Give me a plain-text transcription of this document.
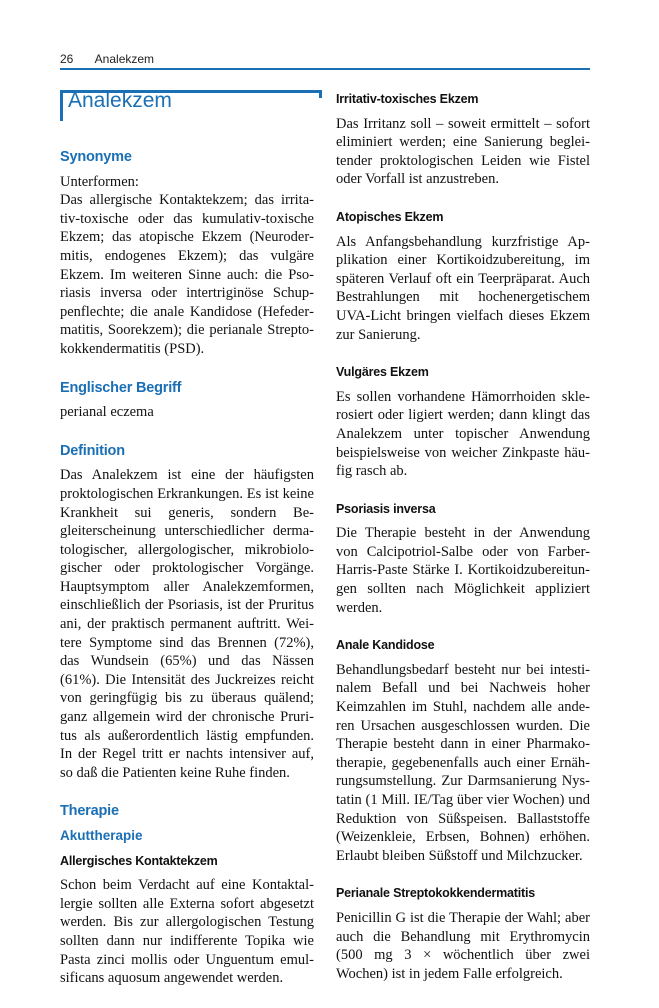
26 Analekzem
Analekzem
Synonyme

Unterformen:

Das allergische Kontaktekzem; das irritativ-toxische oder das kumulativ-toxische Ekzem; das atopische Ekzem (Neurodermitis, endogenes Ekzem); das vulgäre Ekzem. Im weiteren Sinne auch: die Psoriasis inversa oder intertriginöse Schuppenflechte; die anale Kandidose (Hefedermatitis, Soorekzem); die perianale Streptokokkendermatitis (PSD).

Englischer Begriff

perianal eczema

Definition

Das Analekzem ist eine der häufigsten proktologischen Erkrankungen. Es ist keine Krankheit sui generis, sondern Begleiterscheinung unterschiedlicher dermatologischer, allergologischer, mikrobiologischer oder proktologischer Vorgänge. Hauptsymptom aller Analekzemformen, einschließlich der Psoriasis, ist der Pruritus ani, der praktisch permanent auftritt. Weitere Symptome sind das Brennen (72%), das Wundsein (65%) und das Nässen (61%). Die Intensität des Juckreizes reicht von geringfügig bis zu überaus quälend; ganz allgemein wird der chronische Pruritus als außerordentlich lästig empfunden. In der Regel tritt er nachts intensiver auf, so daß die Patienten keine Ruhe finden.

Therapie
Akuttherapie
Allergisches Kontaktekzem

Schon beim Verdacht auf eine Kontaktallergie sollten alle Externa sofort abgesetzt werden. Bis zur allergologischen Testung sollten dann nur indifferente Topika wie Pasta zinci mollis oder Unguentum emulsificans aquosum angewendet werden.

Irritativ-toxisches Ekzem

Das Irritanz soll – soweit ermittelt – sofort eliminiert werden; eine Sanierung begleitender proktologischen Leiden wie Fistel oder Vorfall ist anzustreben.

Atopisches Ekzem

Als Anfangsbehandlung kurzfristige Applikation einer Kortikoidzubereitung, im späteren Verlauf oft ein Teerpräparat. Auch Bestrahlungen mit hochenergetischem UVA-Licht bringen vielfach dieses Ekzem zur Sanierung.

Vulgäres Ekzem

Es sollen vorhandene Hämorrhoiden sklerosiert oder ligiert werden; dann klingt das Analekzem unter topischer Anwendung beispielsweise von weicher Zinkpaste häufig rasch ab.

Psoriasis inversa

Die Therapie besteht in der Anwendung von Calcipotriol-Salbe oder von Farber-Harris-Paste Stärke I. Kortikoidzubereitungen sollten nach Möglichkeit appliziert werden.

Anale Kandidose

Behandlungsbedarf besteht nur bei intestinalem Befall und bei Nachweis hoher Keimzahlen im Stuhl, nachdem alle anderen Ursachen ausgeschlossen wurden. Die Therapie besteht dann in einer Pharmakotherapie, gegebenenfalls auch einer Ernährungsumstellung. Zur Darmsanierung Nystatin (1 Mill. IE/Tag über vier Wochen) und Reduktion von Süßspeisen. Ballaststoffe (Weizenkleie, Erbsen, Bohnen) erhöhen. Erlaubt bleiben Süßstoff und Milchzucker.

Perianale Streptokokkendermatitis

Penicillin G ist die Therapie der Wahl; aber auch die Behandlung mit Erythromycin (500 mg 3 × wöchentlich über zwei Wochen) ist in jedem Falle erfolgreich.
